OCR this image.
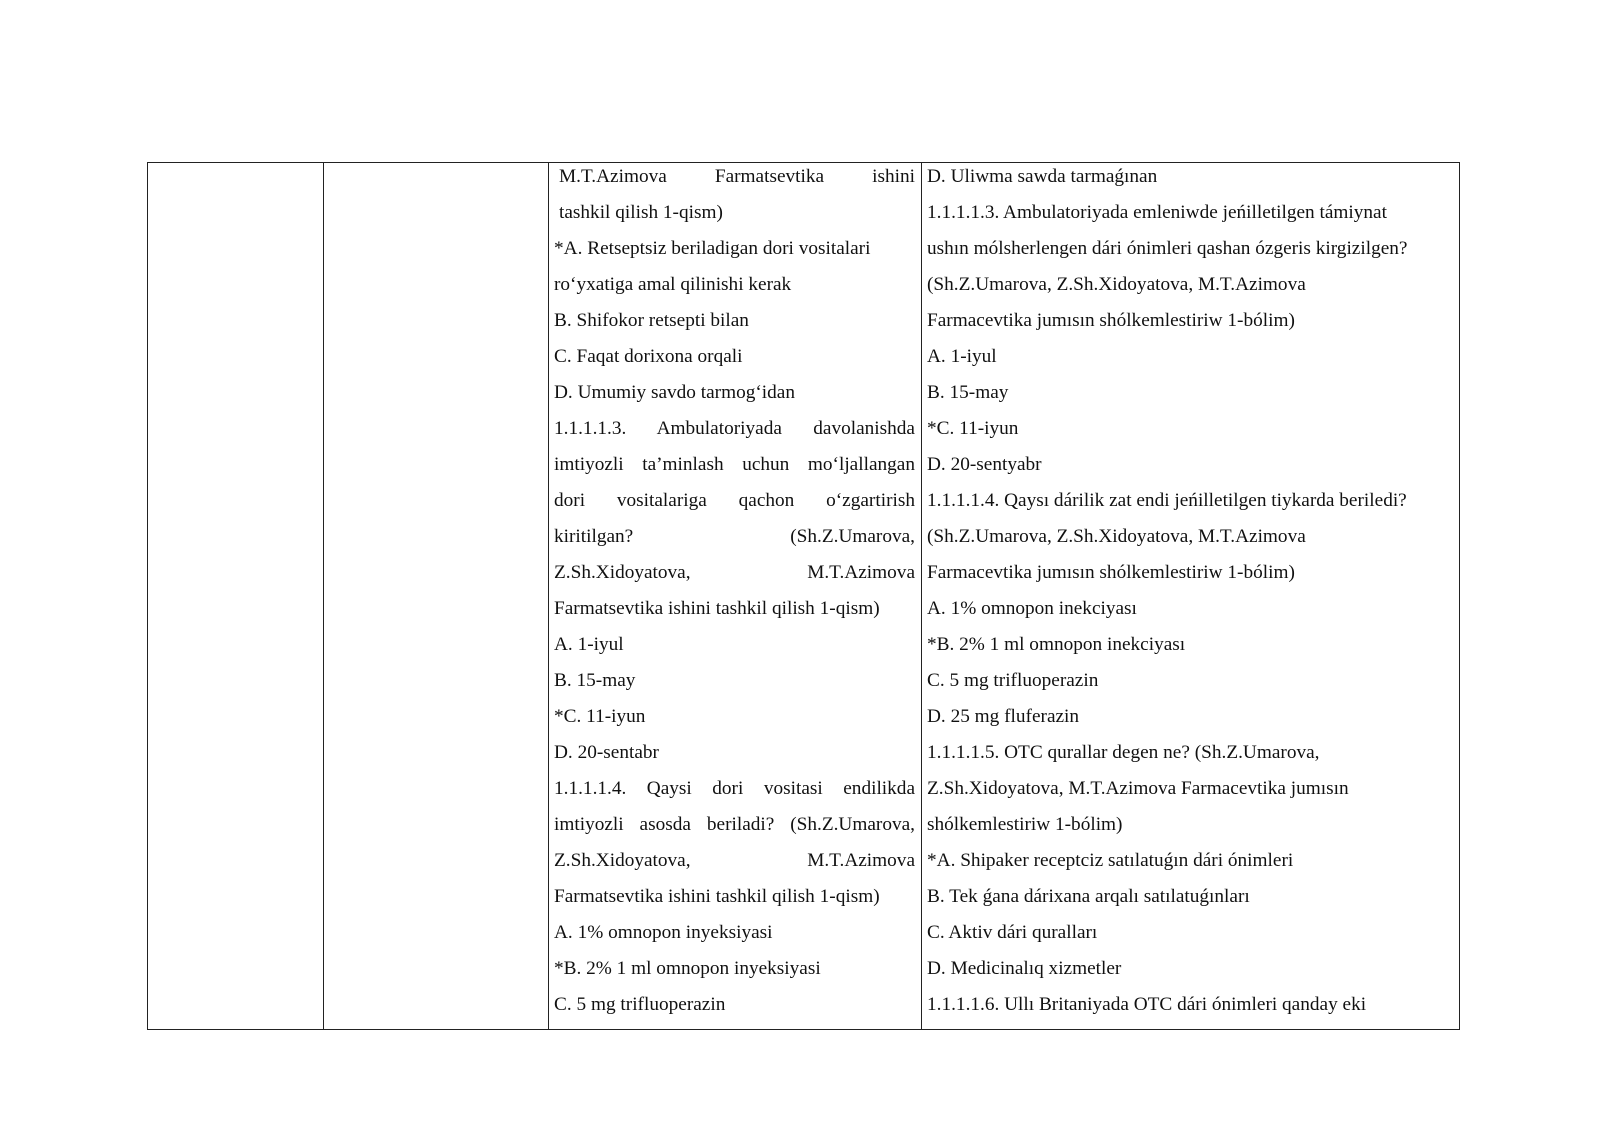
M.T.Azimova Farmatsevtika ishini
tashkil qilish 1-qism)
*A. Retseptsiz beriladigan dori vositalari
ro‘yxatiga amal qilinishi kerak
B. Shifokor retsepti bilan
C. Faqat dorixona orqali
D. Umumiy savdo tarmog‘idan
1.1.1.1.3. Ambulatoriyada davolanishda
imtiyozli ta’minlash uchun mo‘ljallangan
dori vositalariga qachon o‘zgartirish
kiritilgan? (Sh.Z.Umarova,
Z.Sh.Xidoyatova, M.T.Azimova
Farmatsevtika ishini tashkil qilish 1-qism)
A. 1-iyul
B. 15-may
*C. 11-iyun
D. 20-sentabr
1.1.1.1.4. Qaysi dori vositasi endilikda
imtiyozli asosda beriladi? (Sh.Z.Umarova,
Z.Sh.Xidoyatova, M.T.Azimova
Farmatsevtika ishini tashkil qilish 1-qism)
A. 1% omnopon inyeksiyasi
*B. 2% 1 ml omnopon inyeksiyasi
C. 5 mg trifluoperazin

D. Uliwma sawda tarmaǵınan
1.1.1.1.3. Ambulatoriyada emleniwde jeńilletilgen támiynat
ushın mólsherlengen dári ónimleri qashan ózgeris kirgizilgen?
(Sh.Z.Umarova, Z.Sh.Xidoyatova, M.T.Azimova
Farmacevtika jumısın shólkemlestiriw 1-bólim)
A. 1-iyul
B. 15-may
*C. 11-iyun
D. 20-sentyabr
1.1.1.1.4. Qaysı dárilik zat endi jeńilletilgen tiykarda beriledi?
(Sh.Z.Umarova, Z.Sh.Xidoyatova, M.T.Azimova
Farmacevtika jumısın shólkemlestiriw 1-bólim)
A. 1% omnopon inekciyası
*B. 2% 1 ml omnopon inekciyası
C. 5 mg trifluoperazin
D. 25 mg fluferazin
1.1.1.1.5. OTC qurallar degen ne? (Sh.Z.Umarova,
Z.Sh.Xidoyatova, M.T.Azimova Farmacevtika jumısın
shólkemlestiriw 1-bólim)
*A. Shipaker receptciz satılatuǵın dári ónimleri
B. Tek ǵana dárixana arqalı satılatuǵınları
C. Aktiv dári quralları
D. Medicinalıq xizmetler
1.1.1.1.6. Ullı Britaniyada OTC dári ónimleri qanday eki
